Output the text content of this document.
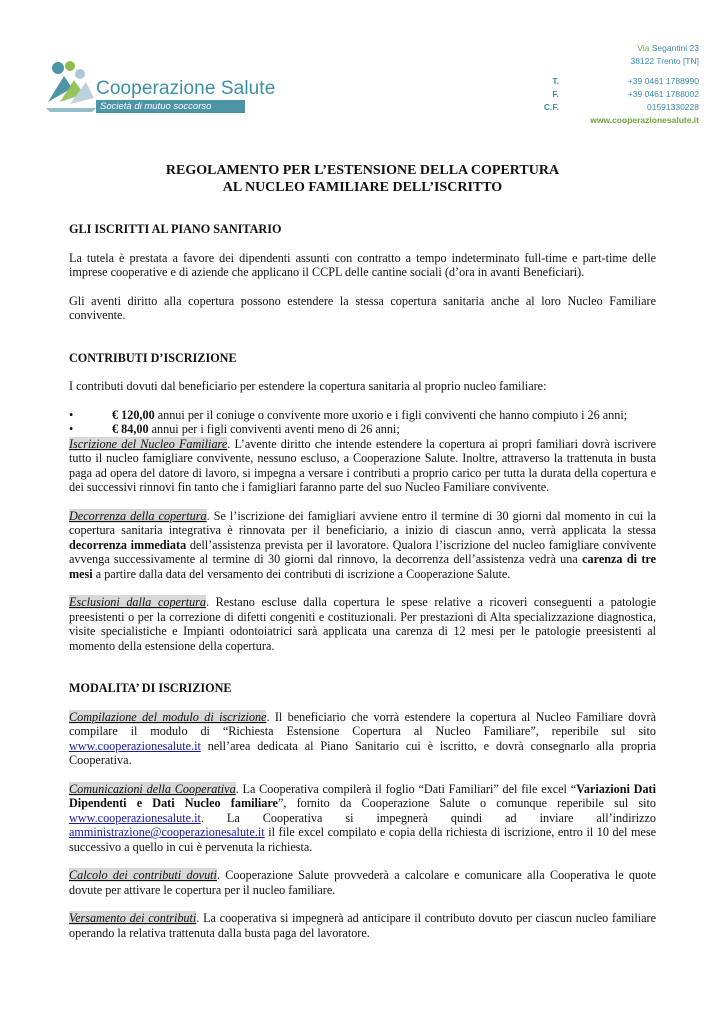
Cooperazione Salute
Società di mutuo soccorso
Via Segantini 23
38122 Trento [TN]
T.	+39 0461 1788990
F.	+39 0461 1788002
C.F.	01591330228
www.cooperazionesalute.it
REGOLAMENTO PER L’ESTENSIONE DELLA COPERTURA
AL NUCLEO FAMILIARE DELL’ISCRITTO
GLI ISCRITTI AL PIANO SANITARIO

La tutela è prestata a favore dei dipendenti assunti con contratto a tempo indeterminato full-time e part-time delle imprese cooperative e di aziende che applicano il CCPL delle cantine sociali (d’ora in avanti Beneficiari).

Gli aventi diritto alla copertura possono estendere la stessa copertura sanitaria anche al loro Nucleo Familiare convivente.

CONTRIBUTI D’ISCRIZIONE

I contributi dovuti dal beneficiario per estendere la copertura sanitaria al proprio nucleo familiare:

•	€ 120,00 annui per il coniuge o convivente more uxorio e i figli conviventi che hanno compiuto i 26 anni;
•	€ 84,00 annui per i figli conviventi aventi meno di 26 anni;

Iscrizione del Nucleo Familiare. L’avente diritto che intende estendere la copertura ai propri familiari dovrà iscrivere tutto il nucleo famigliare convivente, nessuno escluso, a Cooperazione Salute. Inoltre, attraverso la trattenuta in busta paga ad opera del datore di lavoro, si impegna a versare i contributi a proprio carico per tutta la durata della copertura e dei successivi rinnovi fin tanto che i famigliari faranno parte del suo Nucleo Familiare convivente.

Decorrenza della copertura. Se l’iscrizione dei famigliari avviene entro il termine di 30 giorni dal momento in cui la copertura sanitaria integrativa è rinnovata per il beneficiario, a inizio di ciascun anno, verrà applicata la stessa decorrenza immediata dell’assistenza prevista per il lavoratore. Qualora l’iscrizione del nucleo famigliare convivente avvenga successivamente al termine di 30 giorni dal rinnovo, la decorrenza dell’assistenza vedrà una carenza di tre mesi a partire dalla data del versamento dei contributi di iscrizione a Cooperazione Salute.

Esclusioni dalla copertura. Restano escluse dalla copertura le spese relative a ricoveri conseguenti a patologie preesistenti o per la correzione di difetti congeniti e costituzionali. Per prestazioni di Alta specializzazione diagnostica, visite specialistiche e Impianti odontoiatrici sarà applicata una carenza di 12 mesi per le patologie preesistenti al momento della estensione della copertura.

MODALITA’ DI ISCRIZIONE

Compilazione del modulo di iscrizione. Il beneficiario che vorrà estendere la copertura al Nucleo Familiare dovrà compilare il modulo di “Richiesta Estensione Copertura al Nucleo Familiare”, reperibile sul sito www.cooperazionesalute.it nell’area dedicata al Piano Sanitario cui è iscritto, e dovrà consegnarlo alla propria Cooperativa.

Comunicazioni della Cooperativa. La Cooperativa compilerà il foglio “Dati Familiari” del file excel “Variazioni Dati Dipendenti e Dati Nucleo familiare”, fornito da Cooperazione Salute o comunque reperibile sul sito www.cooperazionesalute.it. La Cooperativa si impegnerà quindi ad inviare all’indirizzo amministrazione@cooperazionesalute.it il file excel compilato e copia della richiesta di iscrizione, entro il 10 del mese successivo a quello in cui è pervenuta la richiesta.

Calcolo dei contributi dovuti. Cooperazione Salute provvederà a calcolare e comunicare alla Cooperativa le quote dovute per attivare le copertura per il nucleo familiare.

Versamento dei contributi. La cooperativa si impegnerà ad anticipare il contributo dovuto per ciascun nucleo familiare operando la relativa trattenuta dalla busta paga del lavoratore.
